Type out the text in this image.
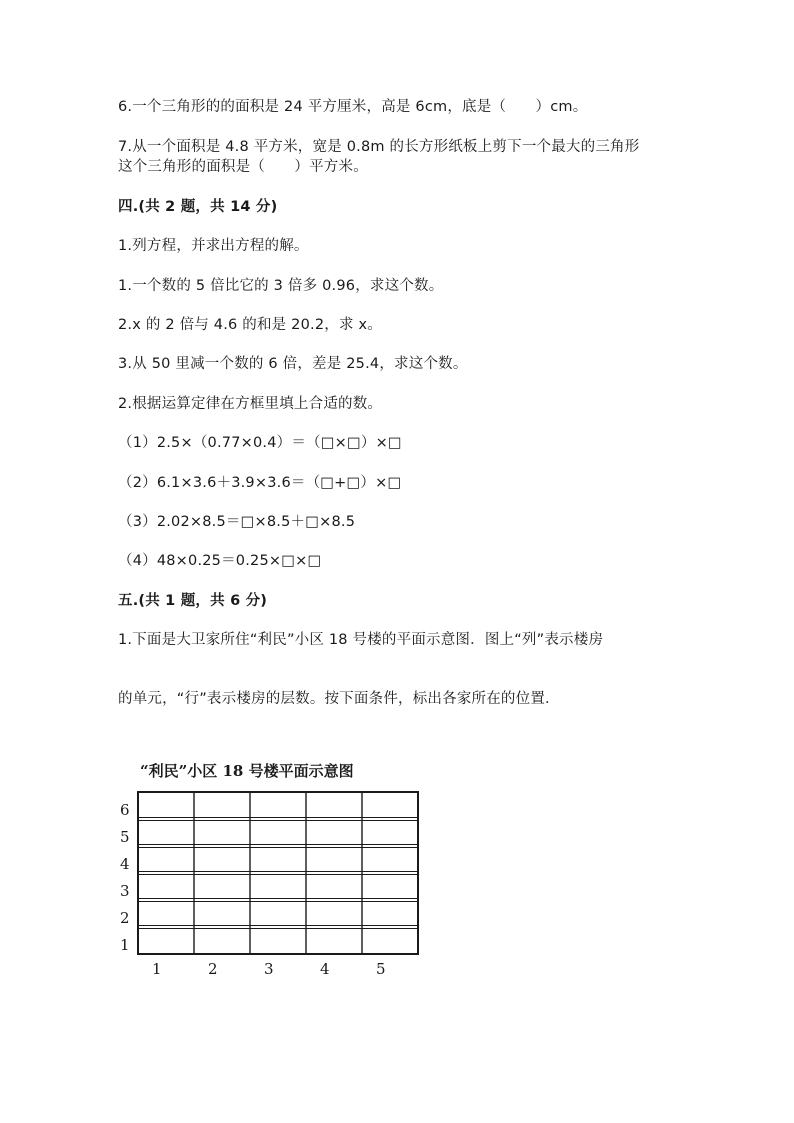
6.一个三角形的的面积是 24 平方厘米，高是 6cm，底是（　　）cm。
7.从一个面积是 4.8 平方米，宽是 0.8m 的长方形纸板上剪下一个最大的三角形
这个三角形的面积是（　　）平方米。
四.(共 2 题，共 14 分)
1.列方程，并求出方程的解。
1.一个数的 5 倍比它的 3 倍多 0.96，求这个数。
2.x 的 2 倍与 4.6 的和是 20.2，求 x。
3.从 50 里减一个数的 6 倍，差是 25.4，求这个数。
2.根据运算定律在方框里填上合适的数。
（1）2.5×（0.77×0.4）＝（□×□）×□
（2）6.1×3.6＋3.9×3.6＝（□+□）×□
（3）2.02×8.5＝□×8.5＋□×8.5
（4）48×0.25＝0.25×□×□
五.(共 1 题，共 6 分)
1.下面是大卫家所住“利民”小区 18 号楼的平面示意图．图上“列”表示楼房
的单元，“行”表示楼房的层数。按下面条件，标出各家所在的位置．
“利民”小区 18 号楼平面示意图
1
2
3
4
5
6
1	2	3	4	5
